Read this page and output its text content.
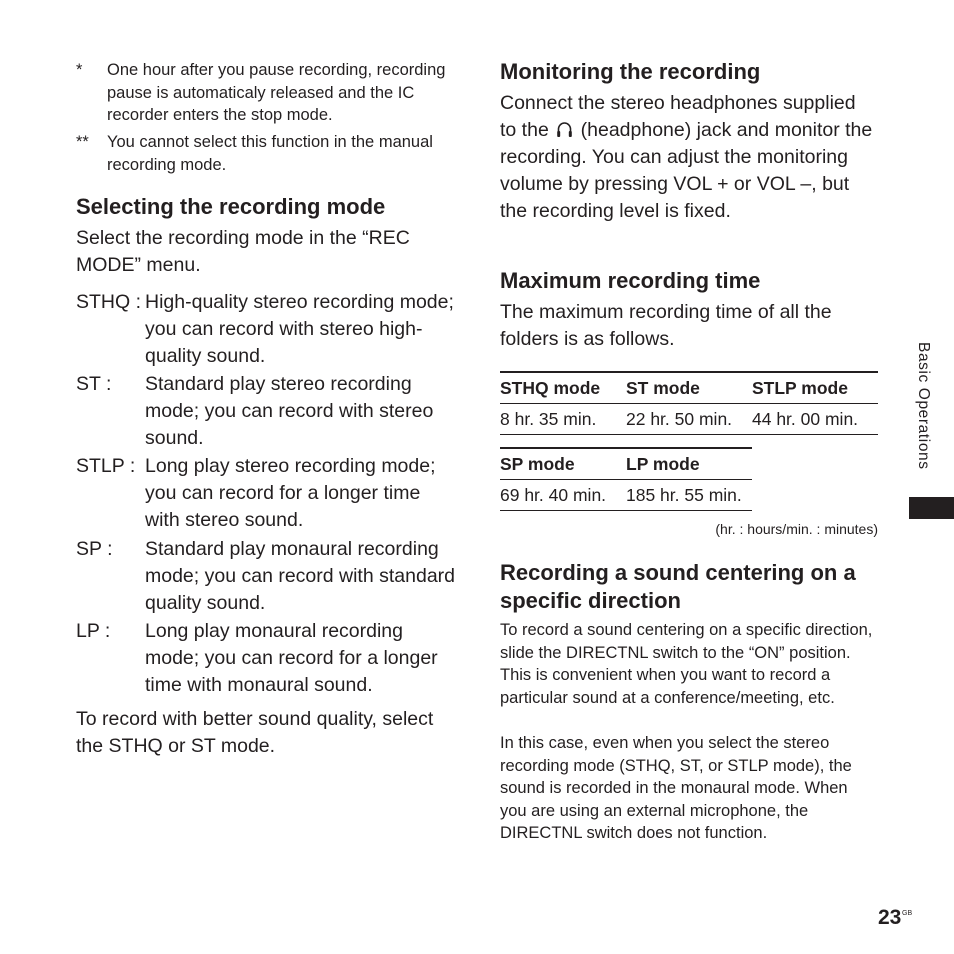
* One hour after you pause recording, recording pause is automaticaly released and the IC recorder enters the stop mode.
** You cannot select this function in the manual recording mode.
Selecting the recording mode
Select the recording mode in the “REC MODE” menu.
STHQ : High-quality stereo recording mode; you can record with stereo high-quality sound.
ST : Standard play stereo recording mode; you can record with stereo sound.
STLP : Long play stereo recording mode; you can record for a longer time with stereo sound.
SP : Standard play monaural recording mode; you can record with standard quality sound.
LP : Long play monaural recording mode; you can record for a longer time with monaural sound.
To record with better sound quality, select the STHQ or ST mode.
Monitoring the recording
Connect the stereo headphones supplied to the (headphone) jack and monitor the recording. You can adjust the monitoring volume by pressing VOL + or VOL –, but the recording level is fixed.
Maximum recording time
The maximum recording time of all the folders is as follows.
STHQ mode	ST mode	STLP mode
8 hr. 35 min.	22 hr. 50 min.	44 hr. 00 min.
SP mode	LP mode
69 hr. 40 min.	185 hr. 55 min.
(hr. : hours/min. : minutes)
Recording a sound centering on a specific direction
To record a sound centering on a specific direction, slide the DIRECTNL switch to the “ON” position. This is convenient when you want to record a particular sound at a conference/meeting, etc.
In this case, even when you select the stereo recording mode (STHQ, ST, or STLP mode), the sound is recorded in the monaural mode. When you are using an external microphone, the DIRECTNL switch does not function.
Basic Operations
23 GB
